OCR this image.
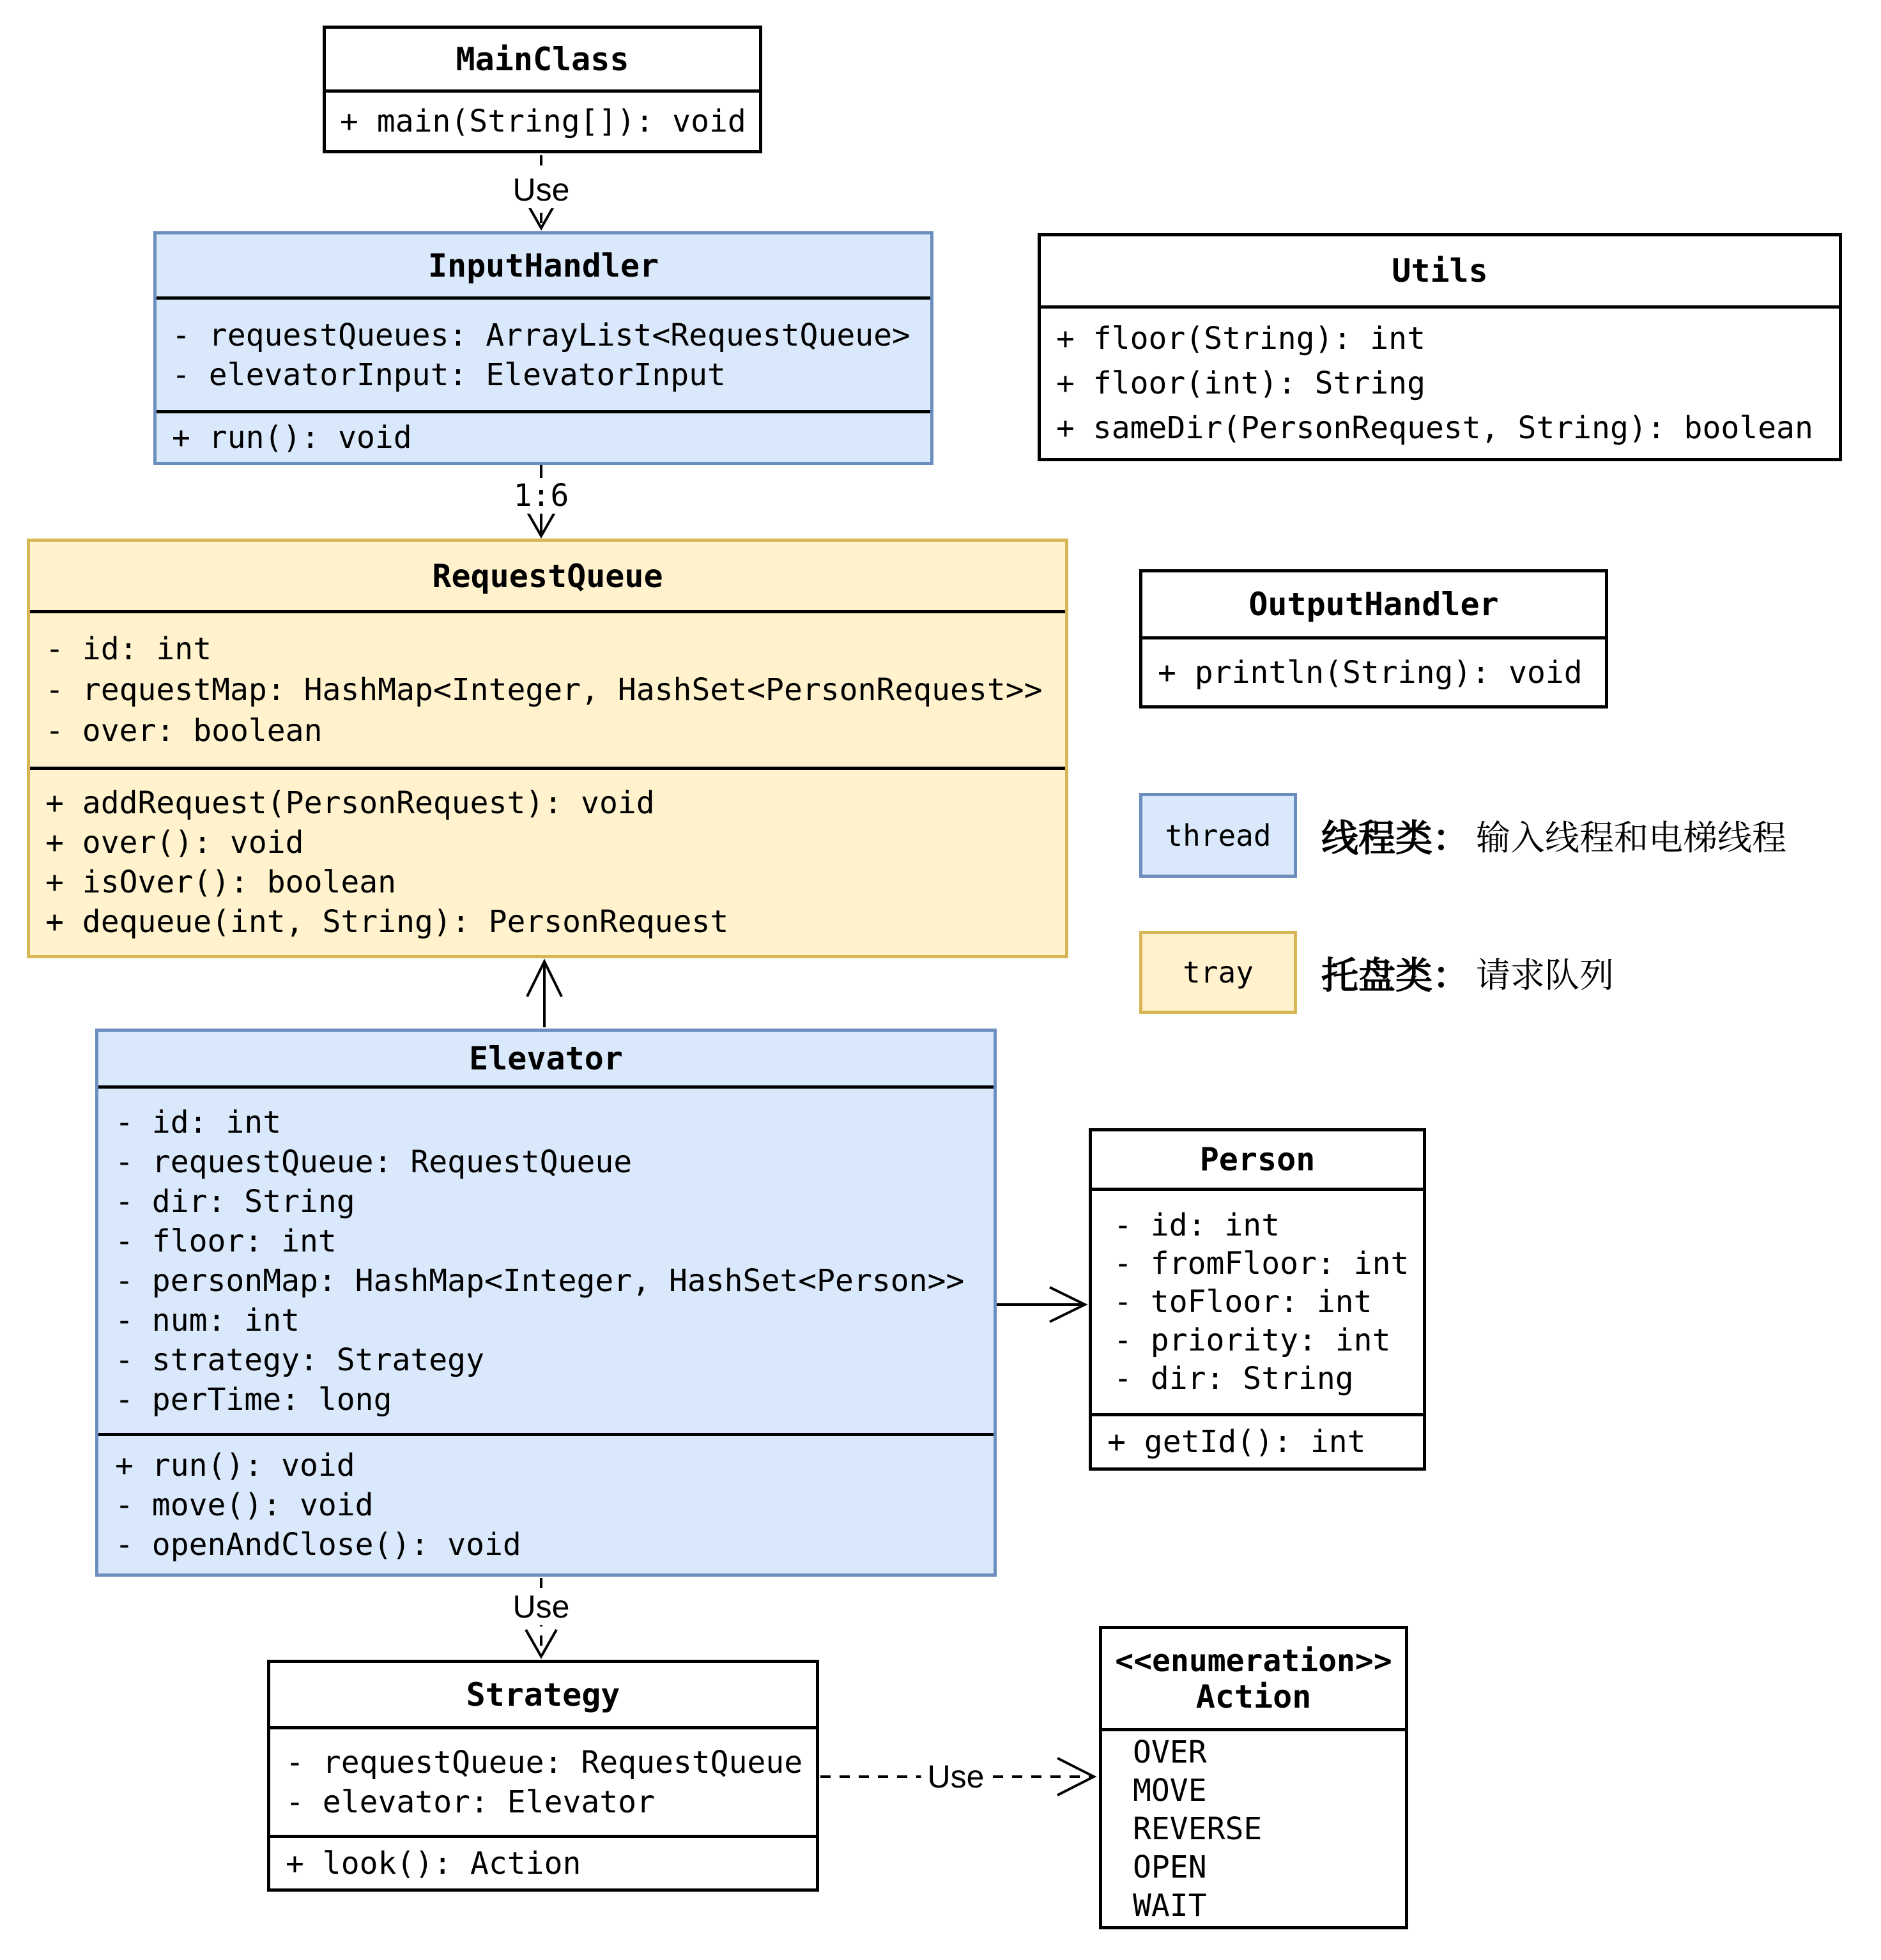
MainClass
+ main(String[]): void
InputHandler
- requestQueues: ArrayList<RequestQueue>
- elevatorInput: ElevatorInput
+ run(): void
Utils
+ floor(String): int
+ floor(int): String
+ sameDir(PersonRequest, String): boolean
RequestQueue
- id: int
- requestMap: HashMap<Integer, HashSet<PersonRequest>>
- over: boolean
+ addRequest(PersonRequest): void
+ over(): void
+ isOver(): boolean
+ dequeue(int, String): PersonRequest
OutputHandler
+ println(String): void
Elevator
- id: int
- requestQueue: RequestQueue
- dir: String
- floor: int
- personMap: HashMap<Integer, HashSet<Person>>
- num: int
- strategy: Strategy
- perTime: long
+ run(): void
- move(): void
- openAndClose(): void
Person
- id: int
- fromFloor: int
- toFloor: int
- priority: int
- dir: String
+ getId(): int
Strategy
- requestQueue: RequestQueue
- elevator: Elevator
+ look(): Action
<<enumeration>>
Action
OVER
MOVE
REVERSE
OPEN
WAIT
thread 线程类： 输入线程和电梯线程
tray 托盘类： 请求队列
Use
1:6
Use
Use
